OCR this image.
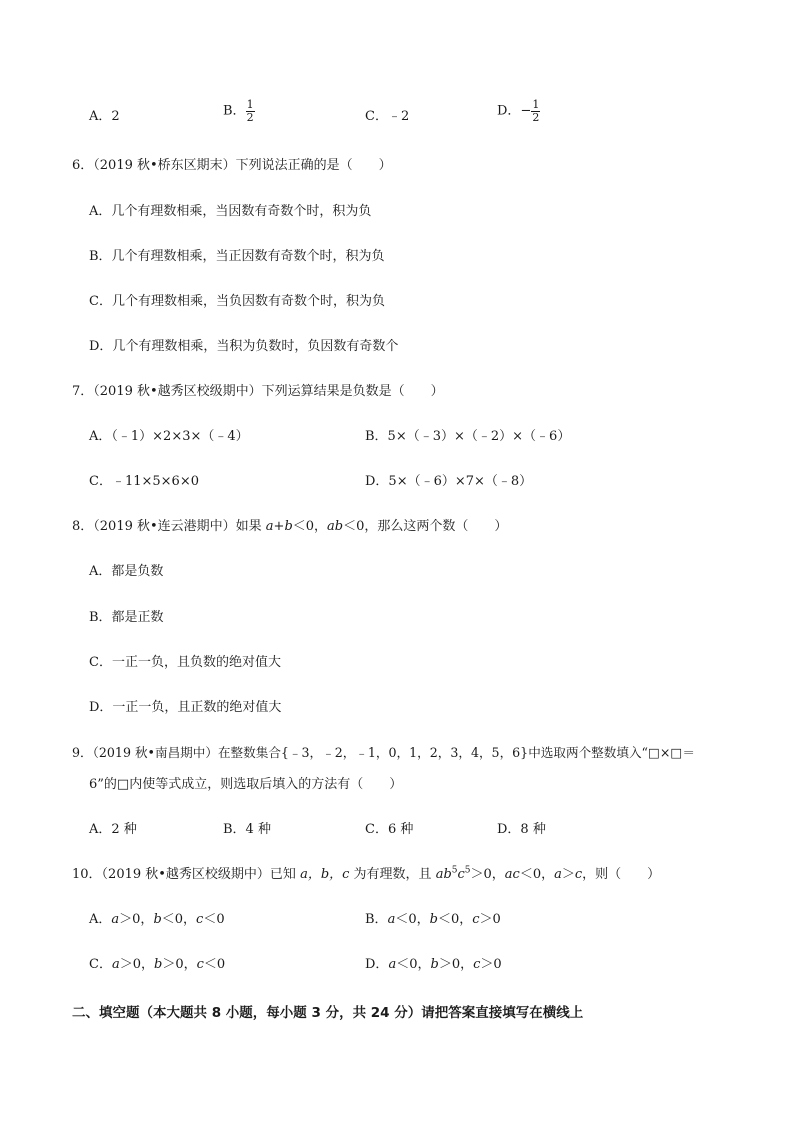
A．2	B． $\frac{1}{2}$	C．﹣2	D．− $\frac{1}{2}$
6．（2019 秋•桥东区期末）下列说法正确的是（　　）
A．几个有理数相乘，当因数有奇数个时，积为负
B．几个有理数相乘，当正因数有奇数个时，积为负
C．几个有理数相乘，当负因数有奇数个时，积为负
D．几个有理数相乘，当积为负数时，负因数有奇数个
7．（2019 秋•越秀区校级期中）下列运算结果是负数是（　　）
A．（﹣1）×2×3×（﹣4）	B．5×（﹣3）×（﹣2）×（﹣6）
C．﹣11×5×6×0	D．5×（﹣6）×7×（﹣8）
8．（2019 秋•连云港期中）如果 a+b＜0，ab＜0，那么这两个数（　　）
A．都是负数
B．都是正数
C．一正一负，且负数的绝对值大
D．一正一负，且正数的绝对值大
9．（2019 秋•南昌期中）在整数集合{﹣3，﹣2，﹣1，0，1，2，3，4，5，6}中选取两个整数填入“□×□＝
6”的□内使等式成立，则选取后填入的方法有（　　）
A．2 种	B．4 种	C．6 种	D．8 种
10．（2019 秋•越秀区校级期中）已知 a，b，c 为有理数，且 $ab^5c^5>0$，ac＜0，a＞c，则（　　）
A．a＞0，b＜0，c＜0	B．a＜0，b＜0，c＞0
C．a＞0，b＞0，c＜0	D．a＜0，b＞0，c＞0
二、填空题（本大题共 8 小题，每小题 3 分，共 24 分）请把答案直接填写在横线上
